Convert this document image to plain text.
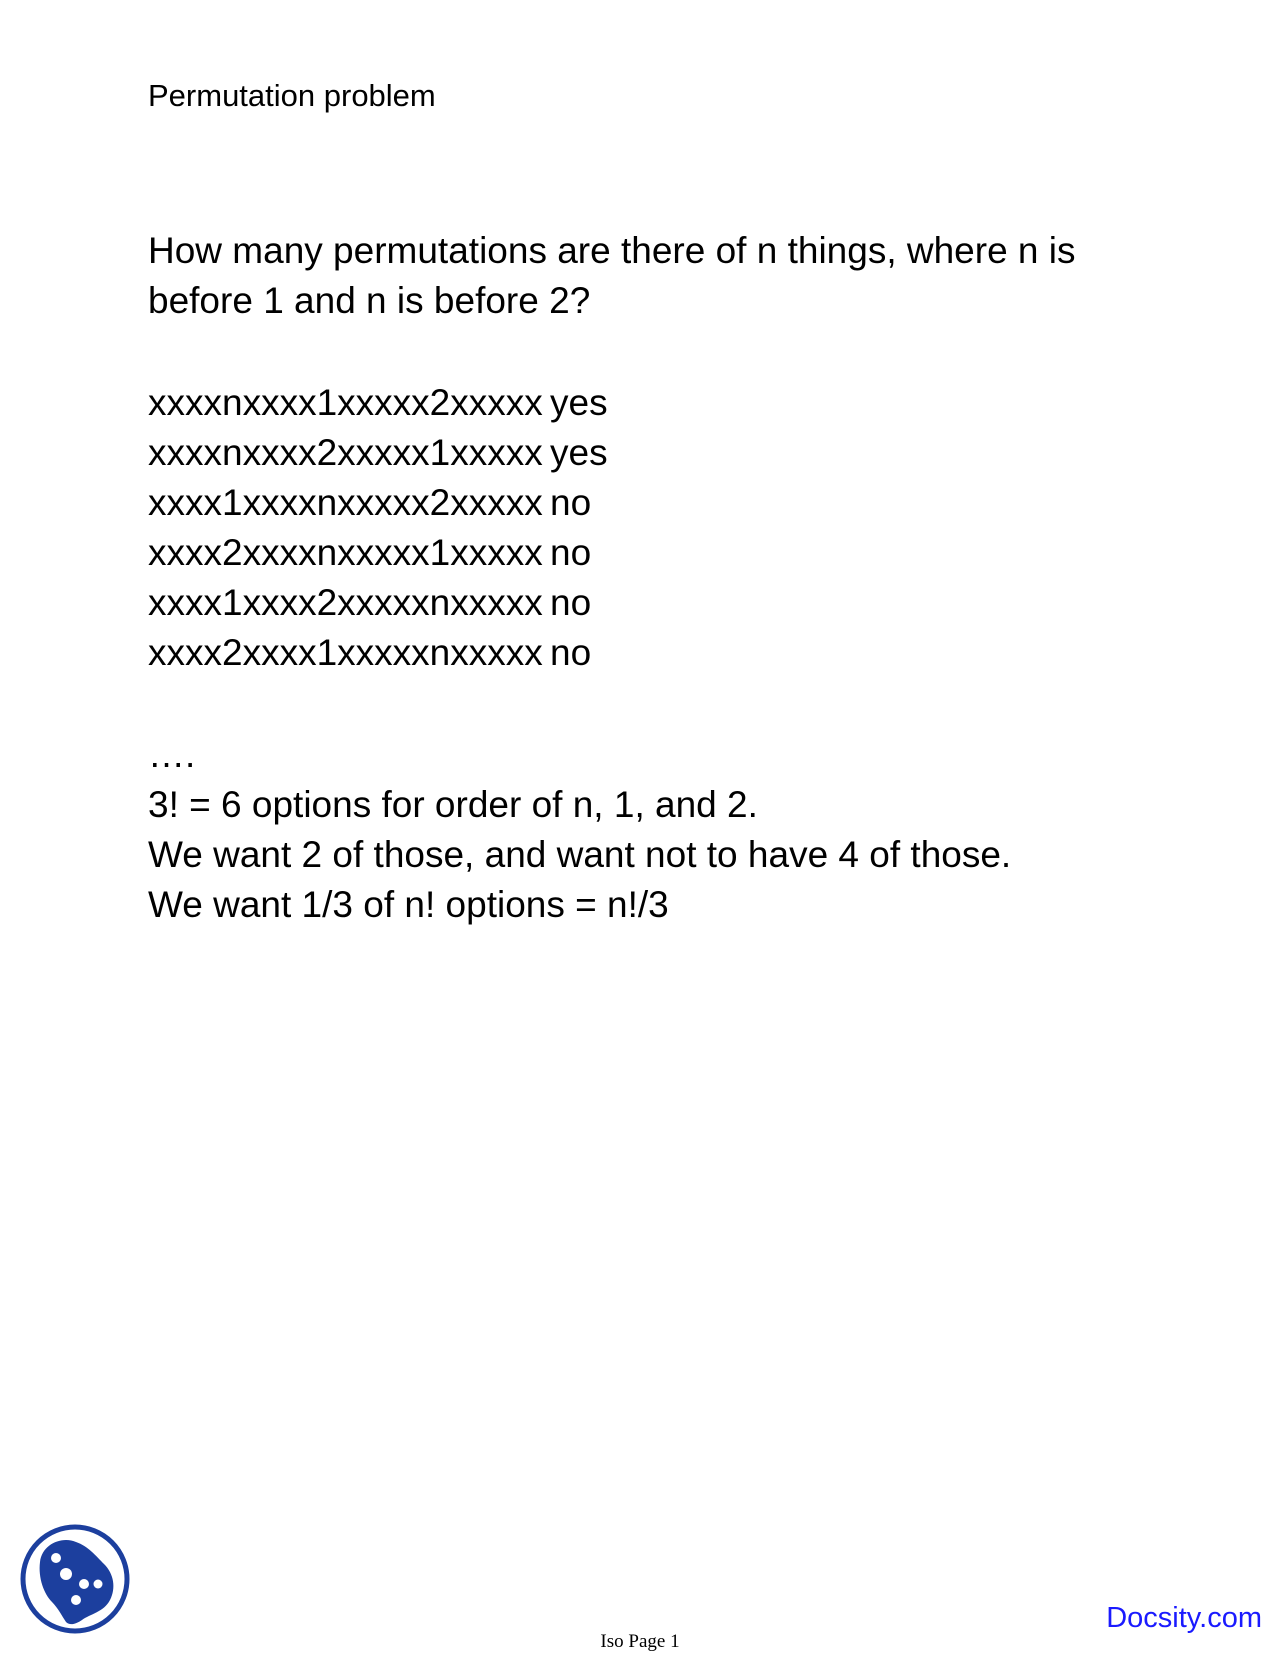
Permutation problem
How many permutations are there of n things, where n is
before 1 and n is before 2?
xxxxnxxxx1xxxxx2xxxxx yes
xxxxnxxxx2xxxxx1xxxxx yes
xxxx1xxxxnxxxxx2xxxxx no
xxxx2xxxxnxxxxx1xxxxx no
xxxx1xxxx2xxxxxnxxxxx no
xxxx2xxxx1xxxxxnxxxxx no
….
3! = 6 options for order of n, 1, and 2.
We want 2 of those, and want not to have 4 of those.
We want 1/3 of n! options = n!/3
Iso Page 1
Docsity.com
